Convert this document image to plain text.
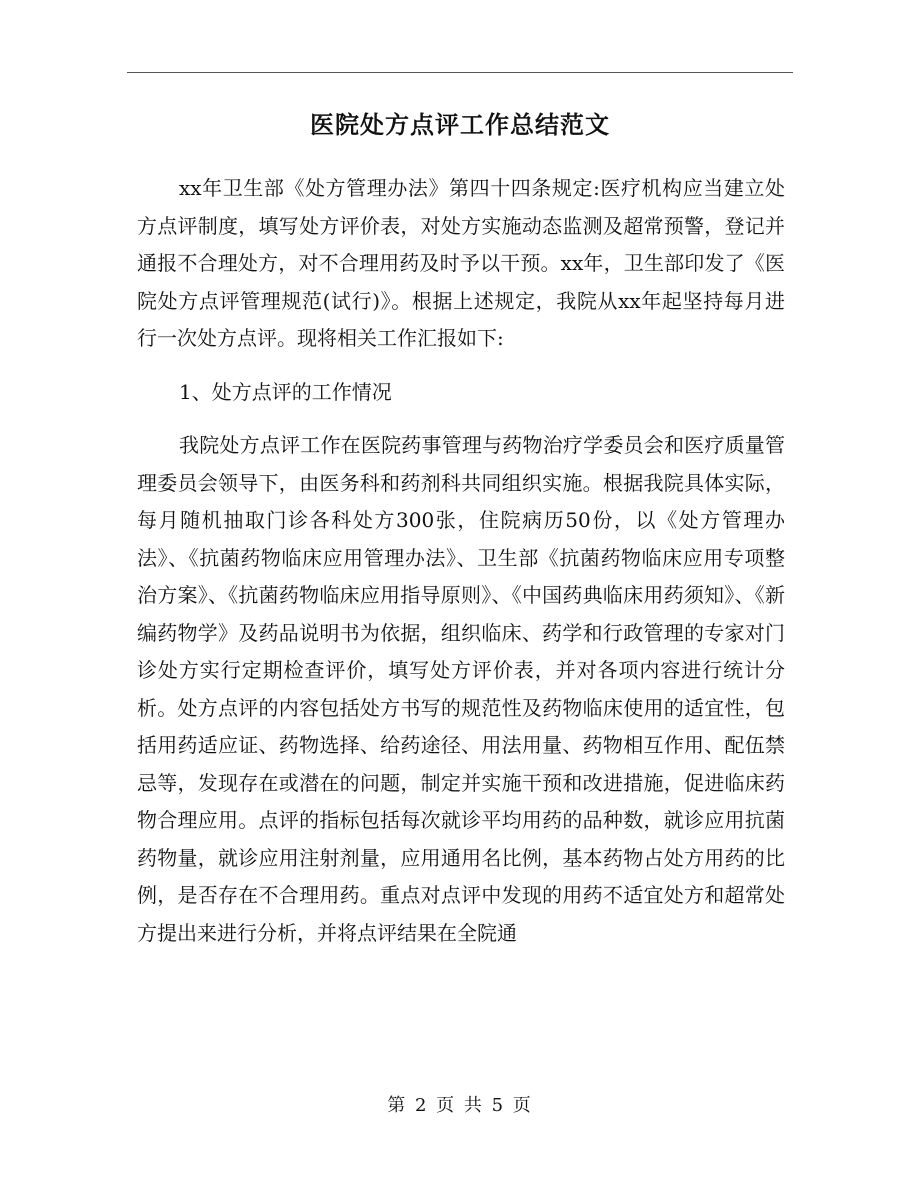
医院处方点评工作总结范文

xx年卫生部《处方管理办法》第四十四条规定:医疗机构应当建立处方点评制度，填写处方评价表，对处方实施动态监测及超常预警，登记并通报不合理处方，对不合理用药及时予以干预。xx年，卫生部印发了《医院处方点评管理规范(试行)》。根据上述规定，我院从xx年起坚持每月进行一次处方点评。现将相关工作汇报如下:

1、处方点评的工作情况

我院处方点评工作在医院药事管理与药物治疗学委员会和医疗质量管理委员会领导下，由医务科和药剂科共同组织实施。根据我院具体实际，每月随机抽取门诊各科处方300张，住院病历50份，以《处方管理办法》、《抗菌药物临床应用管理办法》、卫生部《抗菌药物临床应用专项整治方案》、《抗菌药物临床应用指导原则》、《中国药典临床用药须知》、《新编药物学》及药品说明书为依据，组织临床、药学和行政管理的专家对门诊处方实行定期检查评价，填写处方评价表，并对各项内容进行统计分析。处方点评的内容包括处方书写的规范性及药物临床使用的适宜性，包括用药适应证、药物选择、给药途径、用法用量、药物相互作用、配伍禁忌等，发现存在或潜在的问题，制定并实施干预和改进措施，促进临床药物合理应用。点评的指标包括每次就诊平均用药的品种数，就诊应用抗菌药物量，就诊应用注射剂量，应用通用名比例，基本药物占处方用药的比例，是否存在不合理用药。重点对点评中发现的用药不适宜处方和超常处方提出来进行分析，并将点评结果在全院通

第 2 页 共 5 页
